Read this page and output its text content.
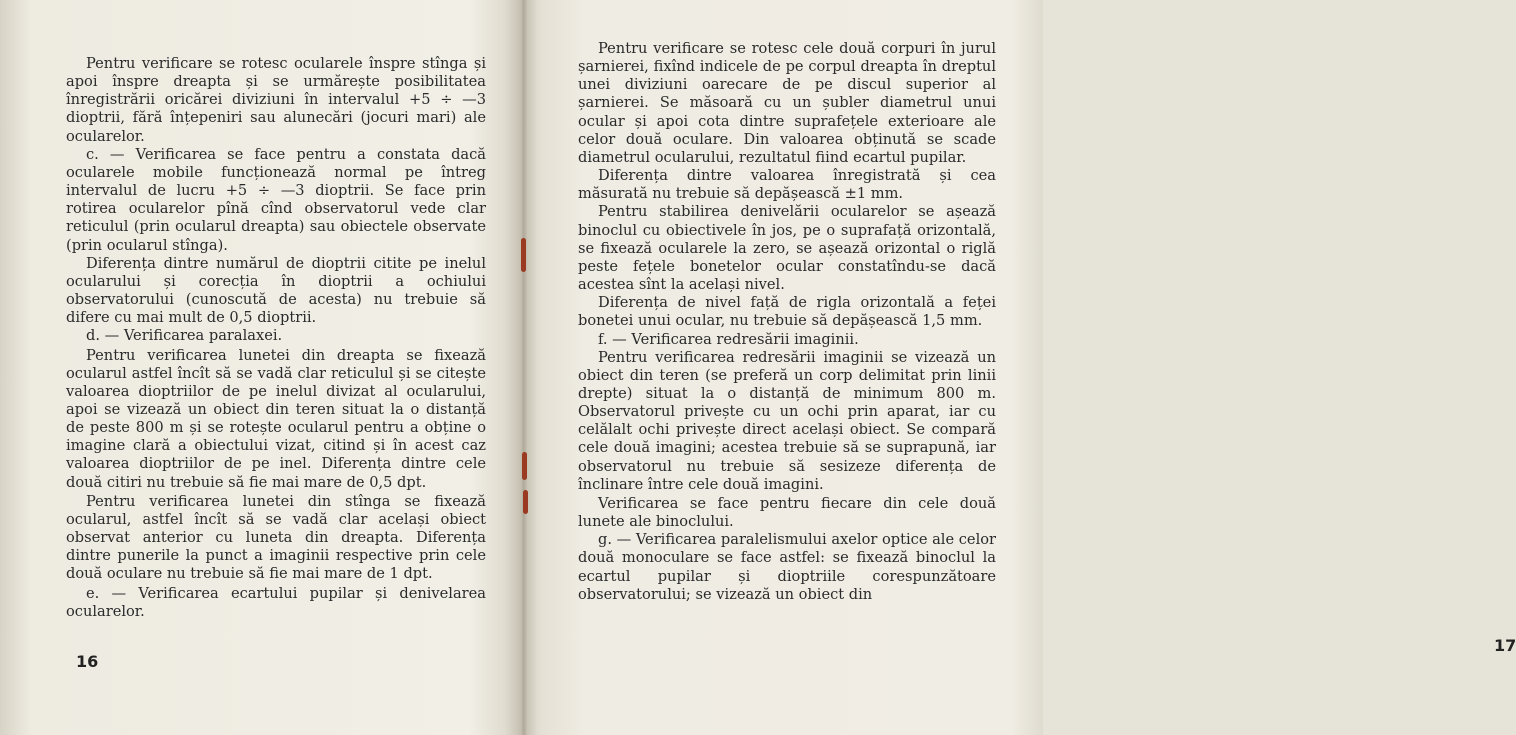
Pentru verificare se rotesc ocularele înspre stînga și apoi înspre dreapta și se urmărește posibilitatea înregistrării oricărei diviziuni în intervalul +5 ÷ —3 dioptrii, fără înțepeniri sau alunecări (jocuri mari) ale ocularelor.

c. — Verificarea se face pentru a constata dacă ocularele mobile funcționează normal pe întreg intervalul de lucru +5 ÷ —3 dioptrii. Se face prin rotirea ocularelor pînă cînd observatorul vede clar reticulul (prin ocularul dreapta) sau obiectele observate (prin ocularul stînga).

Diferența dintre numărul de dioptrii citite pe inelul ocularului și corecția în dioptrii a ochiului observatorului (cunoscută de acesta) nu trebuie să difere cu mai mult de 0,5 dioptrii.

d. — Verificarea paralaxei.

Pentru verificarea lunetei din dreapta se fixează ocularul astfel încît să se vadă clar reticulul și se citește valoarea dioptriilor de pe inelul divizat al ocularului, apoi se vizează un obiect din teren situat la o distanță de peste 800 m și se rotește ocularul pentru a obține o imagine clară a obiectului vizat, citind și în acest caz valoarea dioptriilor de pe inel. Diferența dintre cele două citiri nu trebuie să fie mai mare de 0,5 dpt.

Pentru verificarea lunetei din stînga se fixează ocularul, astfel încît să se vadă clar același obiect observat anterior cu luneta din dreapta. Diferența dintre punerile la punct a imaginii respective prin cele două oculare nu trebuie să fie mai mare de 1 dpt.

e. — Verificarea ecartului pupilar și denivelarea ocularelor.

16

Pentru verificare se rotesc cele două corpuri în jurul șarnierei, fixînd indicele de pe corpul dreapta în dreptul unei diviziuni oarecare de pe discul superior al șarnierei. Se măsoară cu un șubler diametrul unui ocular și apoi cota dintre suprafețele exterioare ale celor două oculare. Din valoarea obținută se scade diametrul ocularului, rezultatul fiind ecartul pupilar.

Diferența dintre valoarea înregistrată și cea măsurată nu trebuie să depășească ±1 mm.

Pentru stabilirea denivelării ocularelor se așează binoclul cu obiectivele în jos, pe o suprafață orizontală, se fixează ocularele la zero, se așează orizontal o riglă peste fețele bonetelor ocular constatîndu-se dacă acestea sînt la același nivel.

Diferența de nivel față de rigla orizontală a feței bonetei unui ocular, nu trebuie să depășească 1,5 mm.

f. — Verificarea redresării imaginii.

Pentru verificarea redresării imaginii se vizează un obiect din teren (se preferă un corp delimitat prin linii drepte) situat la o distanță de minimum 800 m. Observatorul privește cu un ochi prin aparat, iar cu celălalt ochi privește direct același obiect. Se compară cele două imagini; acestea trebuie să se suprapună, iar observatorul nu trebuie să sesizeze diferența de înclinare între cele două imagini.

Verificarea se face pentru fiecare din cele două lunete ale binoclului.

g. — Verificarea paralelismului axelor optice ale celor două monoculare se face astfel: se fixează binoclul la ecartul pupilar și dioptriile corespunzătoare observatorului; se vizează un obiect din

17
